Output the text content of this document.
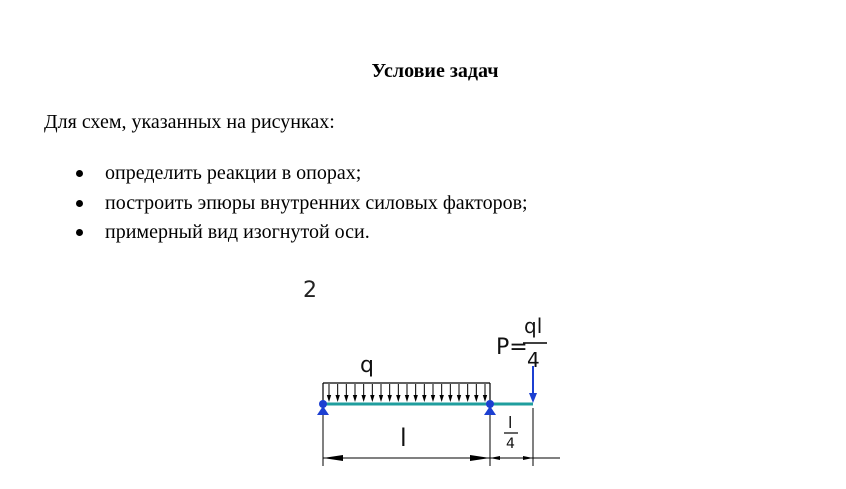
Условие задач
Для схем, указанных на рисунках:
определить реакции в опорах;
построить эпюры внутренних силовых факторов;
примерный вид изогнутой оси.
2
q
P=
ql
4
l
l
4
